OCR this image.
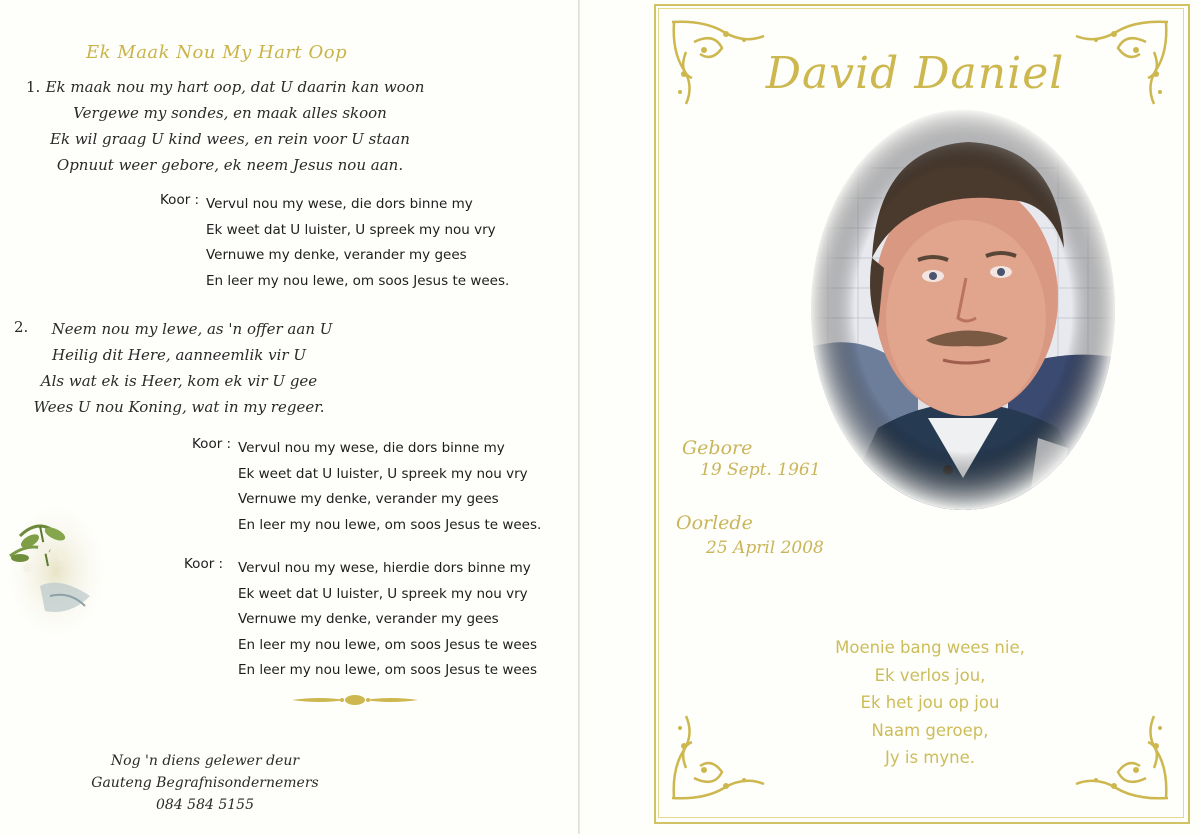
Ek Maak Nou My Hart Oop
1. Ek maak nou my hart oop, dat U daarin kan woon
Vergewe my sondes, en maak alles skoon
Ek wil graag U kind wees, en rein voor U staan
Opnuut weer gebore, ek neem Jesus nou aan.
Koor : Vervul nou my wese, die dors binne my
Ek weet dat U luister, U spreek my nou vry
Vernuwe my denke, verander my gees
En leer my nou lewe, om soos Jesus te wees.
2.	Neem nou my lewe, as 'n offer aan U
Heilig dit Here, aanneemlik vir U
Als wat ek is Heer, kom ek vir U gee
Wees U nou Koning, wat in my regeer.
Koor : Vervul nou my wese, die dors binne my
Ek weet dat U luister, U spreek my nou vry
Vernuwe my denke, verander my gees
En leer my nou lewe, om soos Jesus te wees.
Koor : Vervul nou my wese, hierdie dors binne my
Ek weet dat U luister, U spreek my nou vry
Vernuwe my denke, verander my gees
En leer my nou lewe, om soos Jesus te wees
En leer my nou lewe, om soos Jesus te wees
Nog 'n diens gelewer deur
Gauteng Begrafnisondernemers
084 584 5155
David Daniel
Gebore
19 Sept. 1961
Oorlede
25 April 2008
Moenie bang wees nie,
Ek verlos jou,
Ek het jou op jou
Naam geroep,
Jy is myne.
